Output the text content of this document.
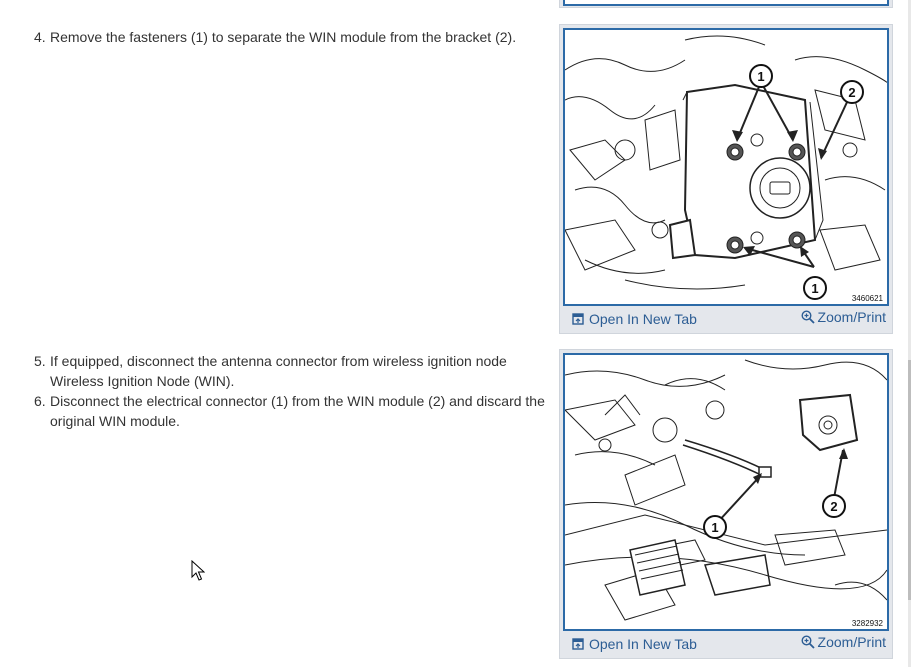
4. Remove the fasteners (1) to separate the WIN module from the bracket (2).

1
2
1
3460621
Open In New Tab	Zoom/Print
5. If equipped, disconnect the antenna connector from wireless ignition node
Wireless Ignition Node (WIN).
6. Disconnect the electrical connector (1) from the WIN module (2) and discard the
original WIN module.
1
2
3282932
Open In New Tab	Zoom/Print
